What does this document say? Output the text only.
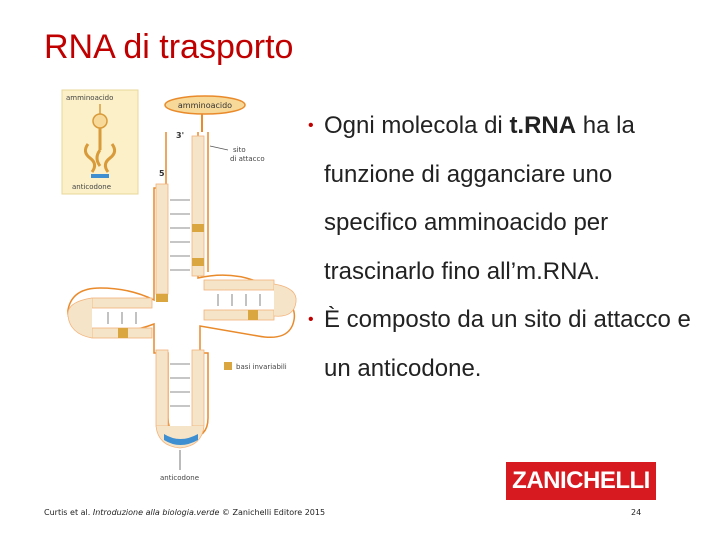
RNA di trasporto
amminoacido
anticodone
amminoacido
3'
5'
sito
di attacco
basi invariabili
anticodone
• Ogni molecola di t.RNA ha la funzione di agganciare uno specifico amminoacido per trascinarlo fino all’m.RNA.
• È composto da un sito di attacco e un anticodone.
ZANICHELLI
Curtis et al. Introduzione alla biologia.verde © Zanichelli Editore 2015	24
